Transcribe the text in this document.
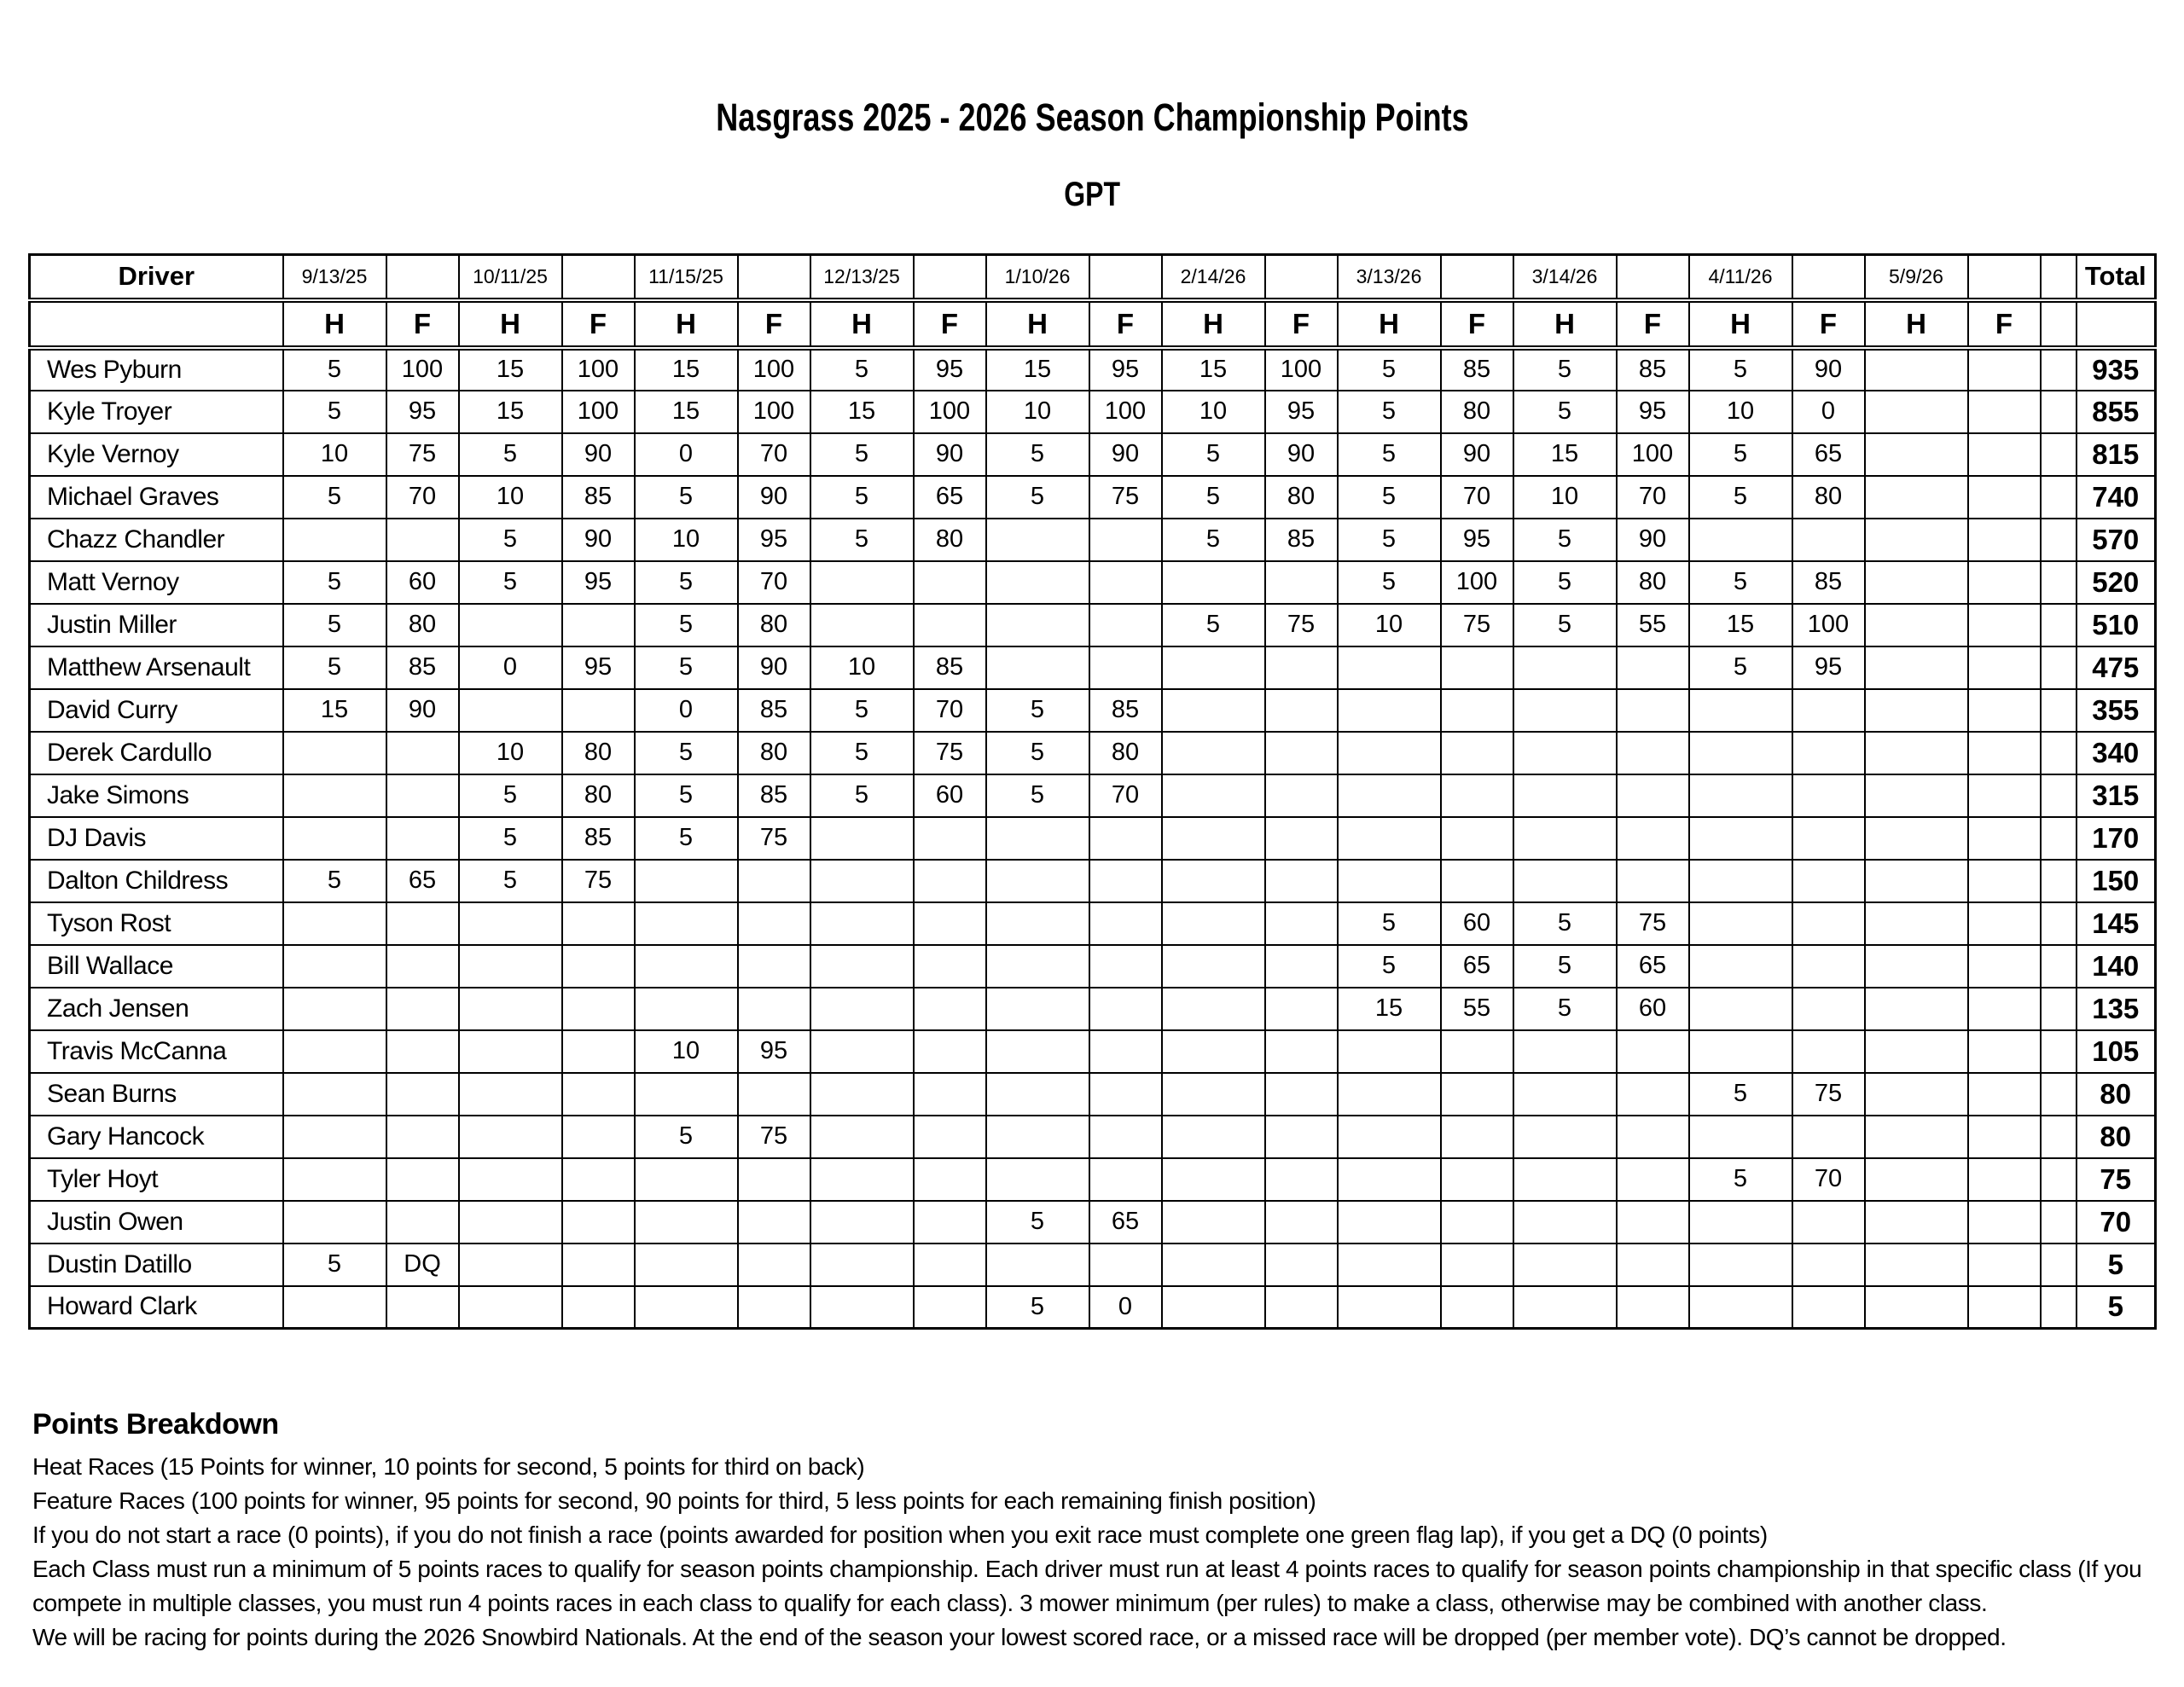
Nasgrass 2025 - 2026 Season Championship Points
GPT
Driver	9/13/25		10/11/25		11/15/25		12/13/25		1/10/26		2/14/26		3/13/26		3/14/26		4/11/26		5/9/26			Total
	H	F	H	F	H	F	H	F	H	F	H	F	H	F	H	F	H	F	H	F		
Wes Pyburn	5	100	15	100	15	100	5	95	15	95	15	100	5	85	5	85	5	90				935
Kyle Troyer	5	95	15	100	15	100	15	100	10	100	10	95	5	80	5	95	10	0				855
Kyle Vernoy	10	75	5	90	0	70	5	90	5	90	5	90	5	90	15	100	5	65				815
Michael Graves	5	70	10	85	5	90	5	65	5	75	5	80	5	70	10	70	5	80				740
Chazz Chandler			5	90	10	95	5	80			5	85	5	95	5	90						570
Matt Vernoy	5	60	5	95	5	70							5	100	5	80	5	85				520
Justin Miller	5	80			5	80					5	75	10	75	5	55	15	100				510
Matthew Arsenault	5	85	0	95	5	90	10	85									5	95				475
David Curry	15	90			0	85	5	70	5	85												355
Derek Cardullo			10	80	5	80	5	75	5	80												340
Jake Simons			5	80	5	85	5	60	5	70												315
DJ Davis			5	85	5	75																170
Dalton Childress	5	65	5	75																		150
Tyson Rost													5	60	5	75						145
Bill Wallace													5	65	5	65						140
Zach Jensen													15	55	5	60						135
Travis McCanna					10	95																105
Sean Burns																	5	75				80
Gary Hancock					5	75																80
Tyler Hoyt																	5	70				75
Justin Owen									5	65												70
Dustin Datillo	5	DQ																				5
Howard Clark									5	0												5

Points Breakdown

Heat Races (15 Points for winner, 10 points for second, 5 points for third on back)

Feature Races (100 points for winner, 95 points for second, 90 points for third, 5 less points for each remaining finish position)

If you do not start a race (0 points), if you do not finish a race (points awarded for position when you exit race must complete one green flag lap), if you get a DQ (0 points)

Each Class must run a minimum of 5 points races to qualify for season points championship. Each driver must run at least 4 points races to qualify for season points championship in that specific class (If you compete in multiple classes, you must run 4 points races in each class to qualify for each class). 3 mower minimum (per rules) to make a class, otherwise may be combined with another class.

We will be racing for points during the 2026 Snowbird Nationals. At the end of the season your lowest scored race, or a missed race will be dropped (per member vote). DQ’s cannot be dropped.
